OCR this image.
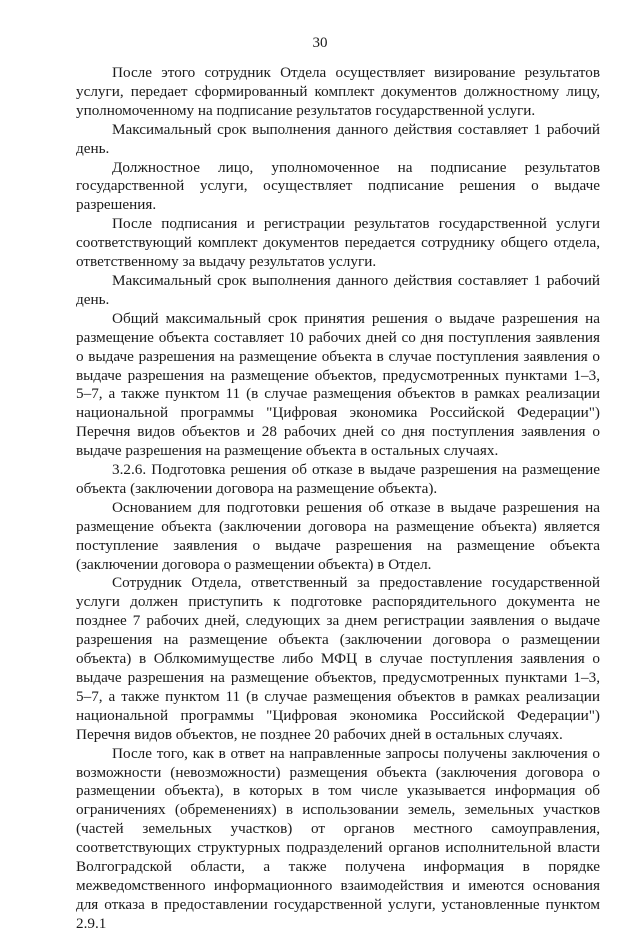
30

После этого сотрудник Отдела осуществляет визирование результатов услуги, передает сформированный комплект документов должностному лицу, уполномоченному на подписание результатов государственной услуги.

Максимальный срок выполнения данного действия составляет 1 рабочий день.

Должностное лицо, уполномоченное на подписание результатов государственной услуги, осуществляет подписание решения о выдаче разрешения.

После подписания и регистрации результатов государственной услуги соответствующий комплект документов передается сотруднику общего отдела, ответственному за выдачу результатов услуги.

Максимальный срок выполнения данного действия составляет 1 рабочий день.

Общий максимальный срок принятия решения о выдаче разрешения на размещение объекта составляет 10 рабочих дней со дня поступления заявления о выдаче разрешения на размещение объекта в случае поступления заявления о выдаче разрешения на размещение объектов, предусмотренных пунктами 1–3, 5–7, а также пунктом 11 (в случае размещения объектов в рамках реализации национальной программы "Цифровая экономика Российской Федерации") Перечня видов объектов и 28 рабочих дней со дня поступления заявления о выдаче разрешения на размещение объекта в остальных случаях.

3.2.6. Подготовка решения об отказе в выдаче разрешения на размещение объекта (заключении договора на размещение объекта).

Основанием для подготовки решения об отказе в выдаче разрешения на размещение объекта (заключении договора на размещение объекта) является поступление заявления о выдаче разрешения на размещение объекта (заключении договора о размещении объекта) в Отдел.

Сотрудник Отдела, ответственный за предоставление государственной услуги должен приступить к подготовке распорядительного документа не позднее 7 рабочих дней, следующих за днем регистрации заявления о выдаче разрешения на размещение объекта (заключении договора о размещении объекта) в Облкомимуществе либо МФЦ в случае поступления заявления о выдаче разрешения на размещение объектов, предусмотренных пунктами 1–3, 5–7, а также пунктом 11 (в случае размещения объектов в рамках реализации национальной программы "Цифровая экономика Российской Федерации") Перечня видов объектов, не позднее 20 рабочих дней в остальных случаях.

После того, как в ответ на направленные запросы получены заключения о возможности (невозможности) размещения объекта (заключения договора о размещении объекта), в которых в том числе указывается информация об ограничениях (обременениях) в использовании земель, земельных участков (частей земельных участков) от органов местного самоуправления, соответствующих структурных подразделений органов исполнительной власти Волгоградской области, а также получена информация в порядке межведомственного информационного взаимодействия и имеются основания для отказа в предоставлении государственной услуги, установленные пунктом 2.9.1
